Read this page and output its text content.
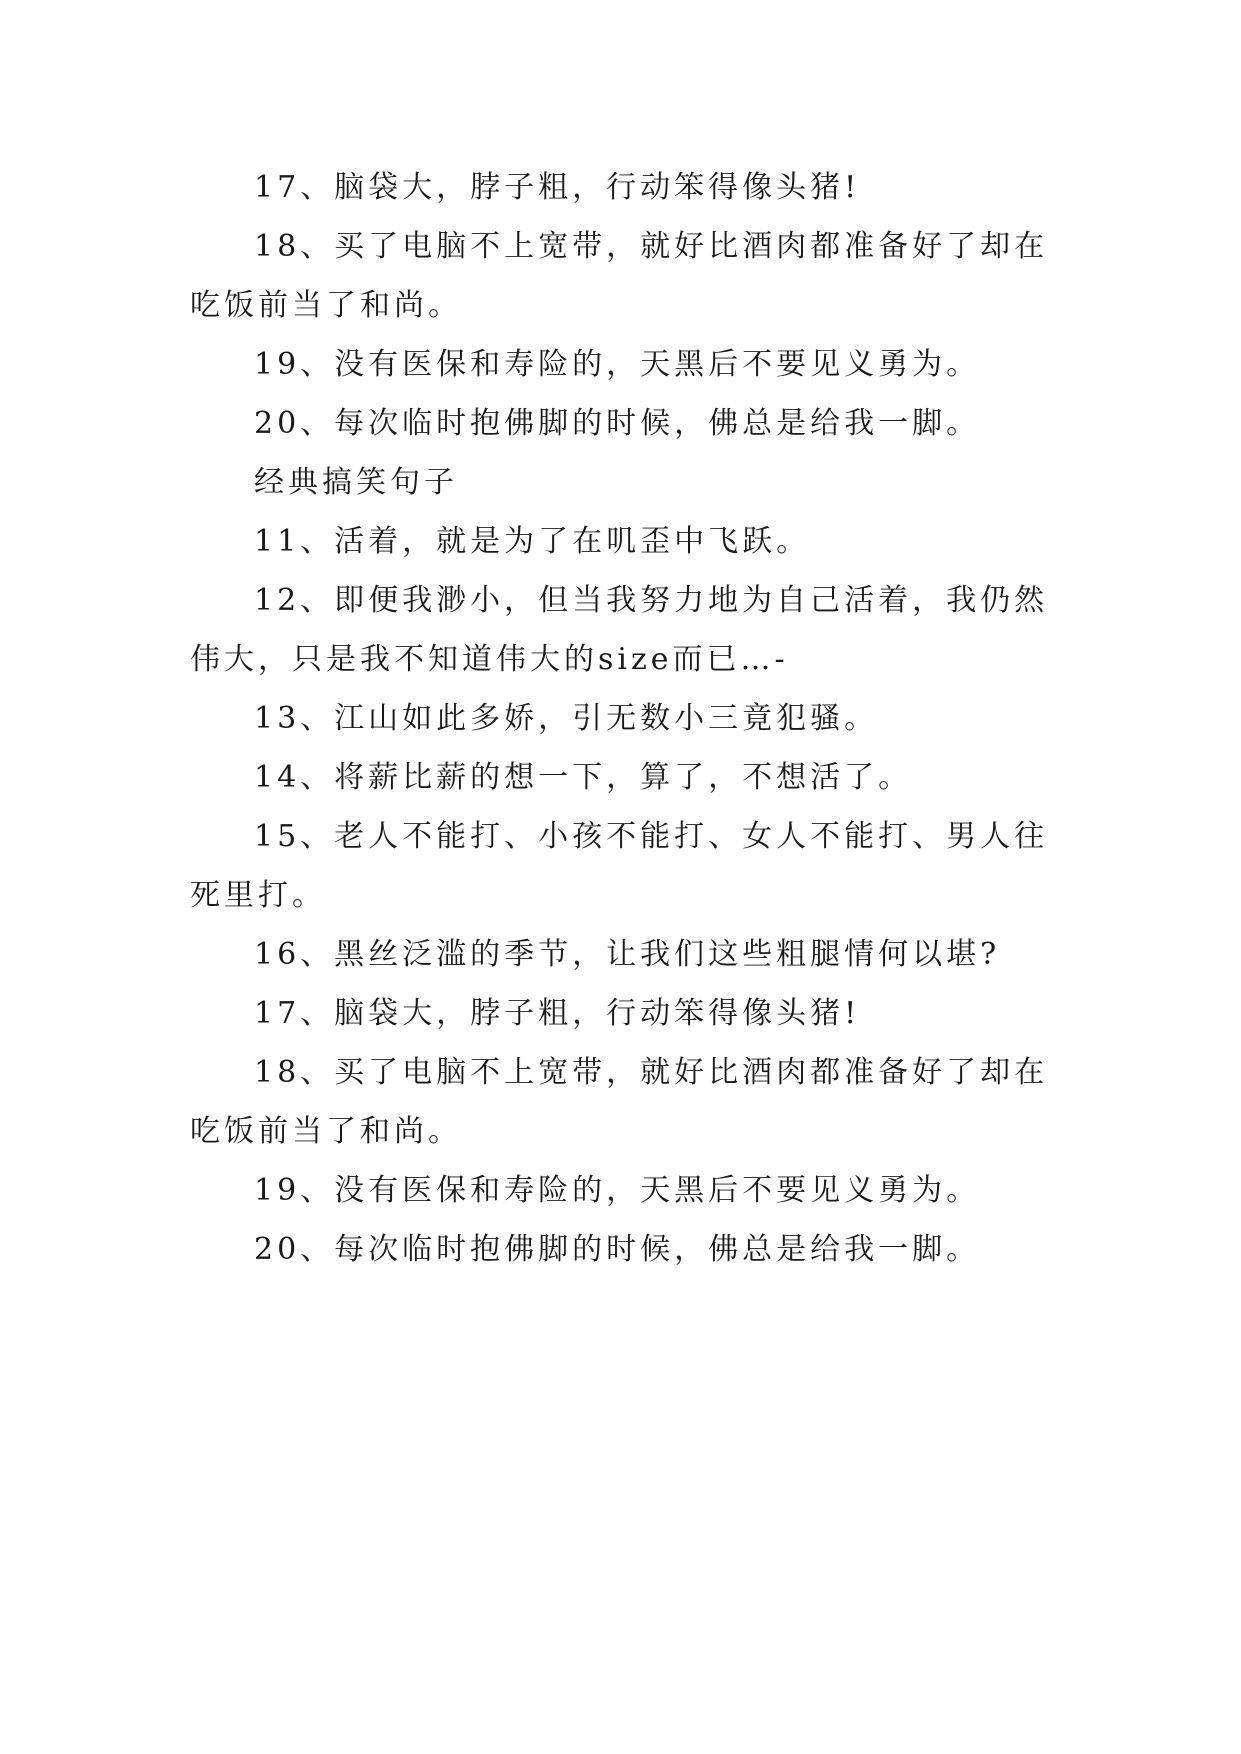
17、脑袋大，脖子粗，行动笨得像头猪!

18、买了电脑不上宽带，就好比酒肉都准备好了却在吃饭前当了和尚。

19、没有医保和寿险的，天黑后不要见义勇为。

20、每次临时抱佛脚的时候，佛总是给我一脚。

经典搞笑句子

11、活着，就是为了在叽歪中飞跃。

12、即便我渺小，但当我努力地为自己活着，我仍然伟大，只是我不知道伟大的size而已…-

13、江山如此多娇，引无数小三竟犯骚。

14、将薪比薪的想一下，算了，不想活了。

15、老人不能打、小孩不能打、女人不能打、男人往死里打。

16、黑丝泛滥的季节，让我们这些粗腿情何以堪?

17、脑袋大，脖子粗，行动笨得像头猪!

18、买了电脑不上宽带，就好比酒肉都准备好了却在吃饭前当了和尚。

19、没有医保和寿险的，天黑后不要见义勇为。

20、每次临时抱佛脚的时候，佛总是给我一脚。
